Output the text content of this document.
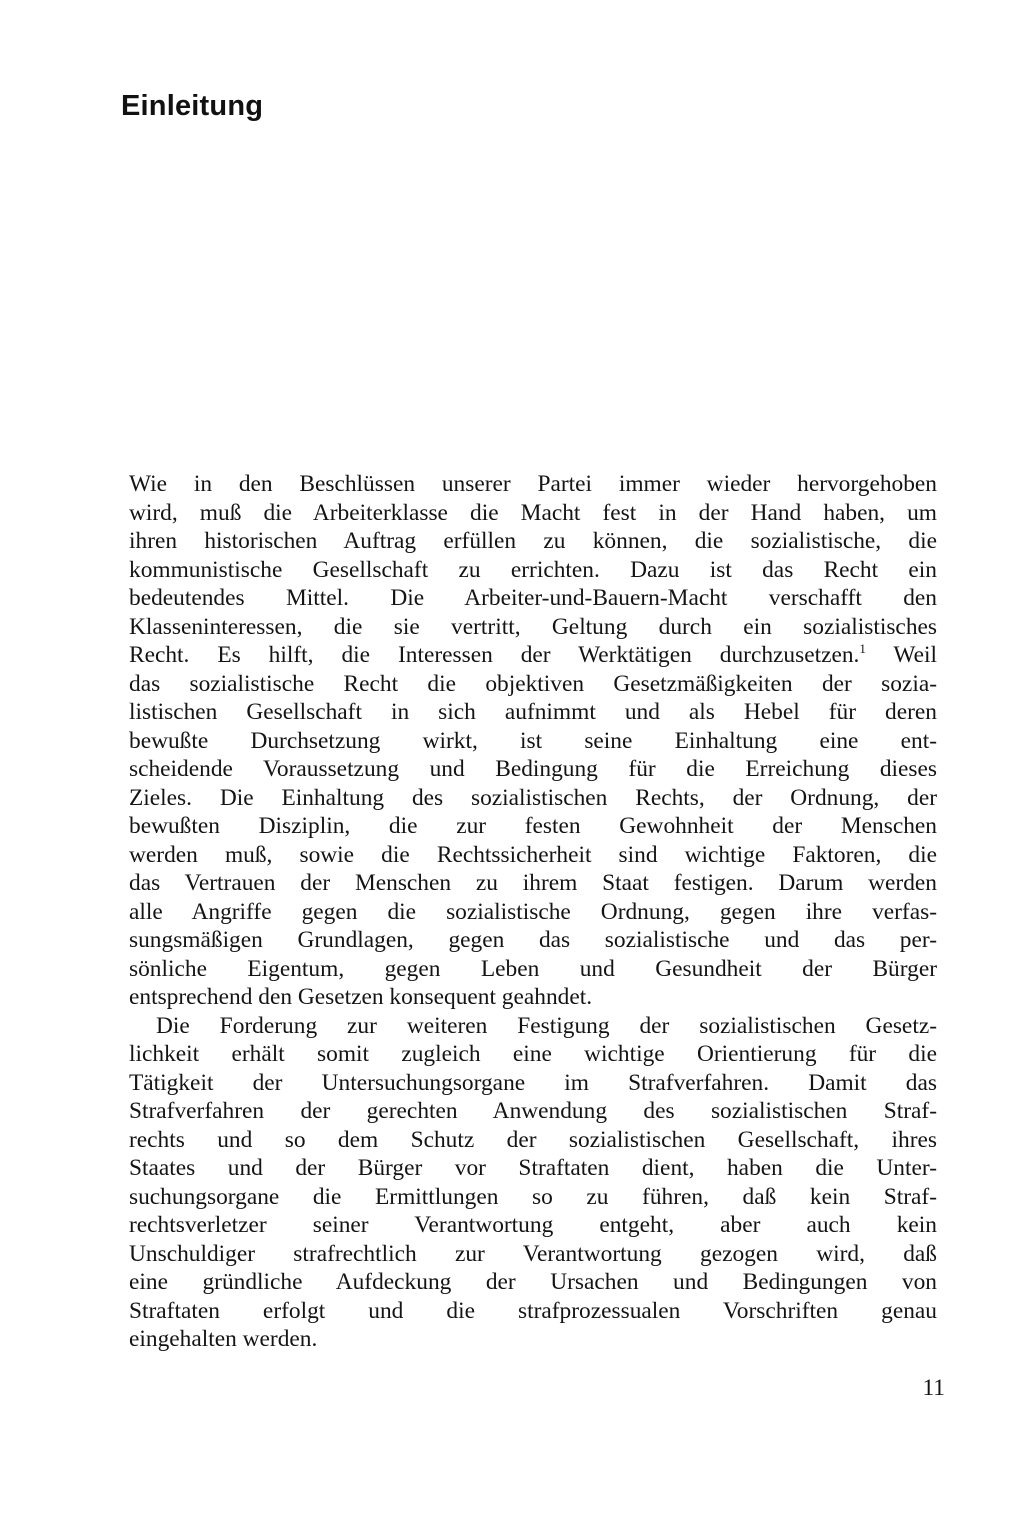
Einleitung
Wie in den Beschlüssen unserer Partei immer wieder hervorgehoben
wird, muß die Arbeiterklasse die Macht fest in der Hand haben, um
ihren historischen Auftrag erfüllen zu können, die sozialistische, die
kommunistische Gesellschaft zu errichten. Dazu ist das Recht ein
bedeutendes Mittel. Die Arbeiter-und-Bauern-Macht verschafft den
Klasseninteressen, die sie vertritt, Geltung durch ein sozialistisches
Recht. Es hilft, die Interessen der Werktätigen durchzusetzen.$^1$ Weil
das sozialistische Recht die objektiven Gesetzmäßigkeiten der sozia-
listischen Gesellschaft in sich aufnimmt und als Hebel für deren
bewußte Durchsetzung wirkt, ist seine Einhaltung eine ent-
scheidende Voraussetzung und Bedingung für die Erreichung dieses
Zieles. Die Einhaltung des sozialistischen Rechts, der Ordnung, der
bewußten Disziplin, die zur festen Gewohnheit der Menschen
werden muß, sowie die Rechtssicherheit sind wichtige Faktoren, die
das Vertrauen der Menschen zu ihrem Staat festigen. Darum werden
alle Angriffe gegen die sozialistische Ordnung, gegen ihre verfas-
sungsmäßigen Grundlagen, gegen das sozialistische und das per-
sönliche Eigentum, gegen Leben und Gesundheit der Bürger
entsprechend den Gesetzen konsequent geahndet.
Die Forderung zur weiteren Festigung der sozialistischen Gesetz-
lichkeit erhält somit zugleich eine wichtige Orientierung für die
Tätigkeit der Untersuchungsorgane im Strafverfahren. Damit das
Strafverfahren der gerechten Anwendung des sozialistischen Straf-
rechts und so dem Schutz der sozialistischen Gesellschaft, ihres
Staates und der Bürger vor Straftaten dient, haben die Unter-
suchungsorgane die Ermittlungen so zu führen, daß kein Straf-
rechtsverletzer seiner Verantwortung entgeht, aber auch kein
Unschuldiger strafrechtlich zur Verantwortung gezogen wird, daß
eine gründliche Aufdeckung der Ursachen und Bedingungen von
Straftaten erfolgt und die strafprozessualen Vorschriften genau
eingehalten werden.
11
